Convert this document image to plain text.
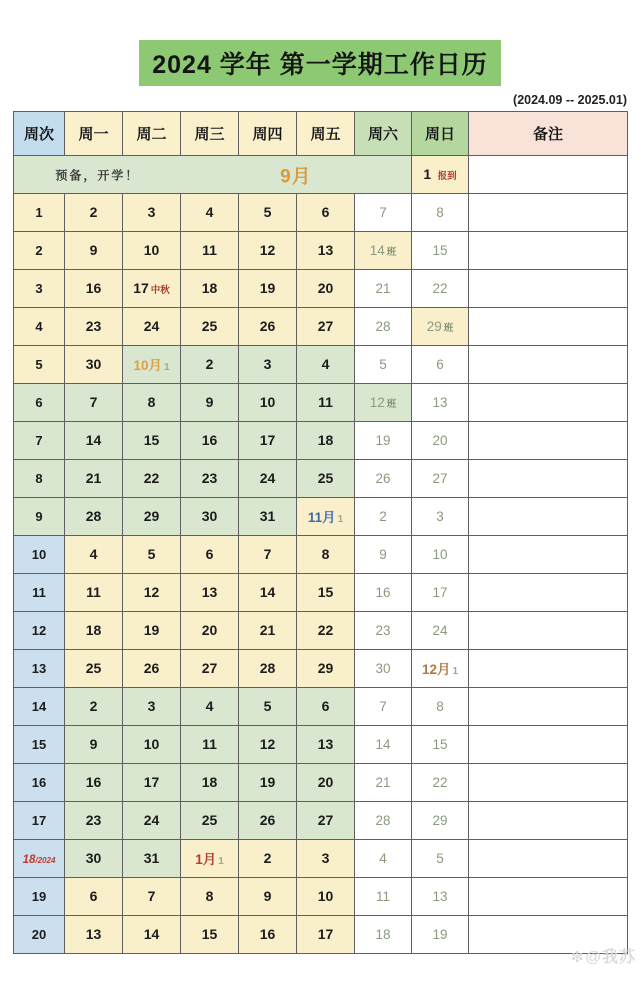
2024 学年 第一学期工作日历
(2024.09 -- 2025.01)
周次	周一	周二	周三	周四	周五	周六	周日	备注

预备，开学！ 9月							1 报到	
1	2	3	4	5	6	7	8	
2	9	10	11	12	13	14 班	15	
3	16	17 中秋	18	19	20	21	22	
4	23	24	25	26	27	28	29 班	
5	30	10月 1	2	3	4	5	6	
6	7	8	9	10	11	12 班	13	
7	14	15	16	17	18	19	20	
8	21	22	23	24	25	26	27	
9	28	29	30	31	11月 1	2	3	
10	4	5	6	7	8	9	10	
11	11	12	13	14	15	16	17	
12	18	19	20	21	22	23	24	
13	25	26	27	28	29	30	12月 1	
14	2	3	4	5	6	7	8	
15	9	10	11	12	13	14	15	
16	16	17	18	19	20	21	22	
17	23	24	25	26	27	28	29	
18/2024	30	31	1月 1	2	3	4	5	
19	6	7	8	9	10	11	13	
20	13	14	15	16	17	18	19	
❇@我苏
